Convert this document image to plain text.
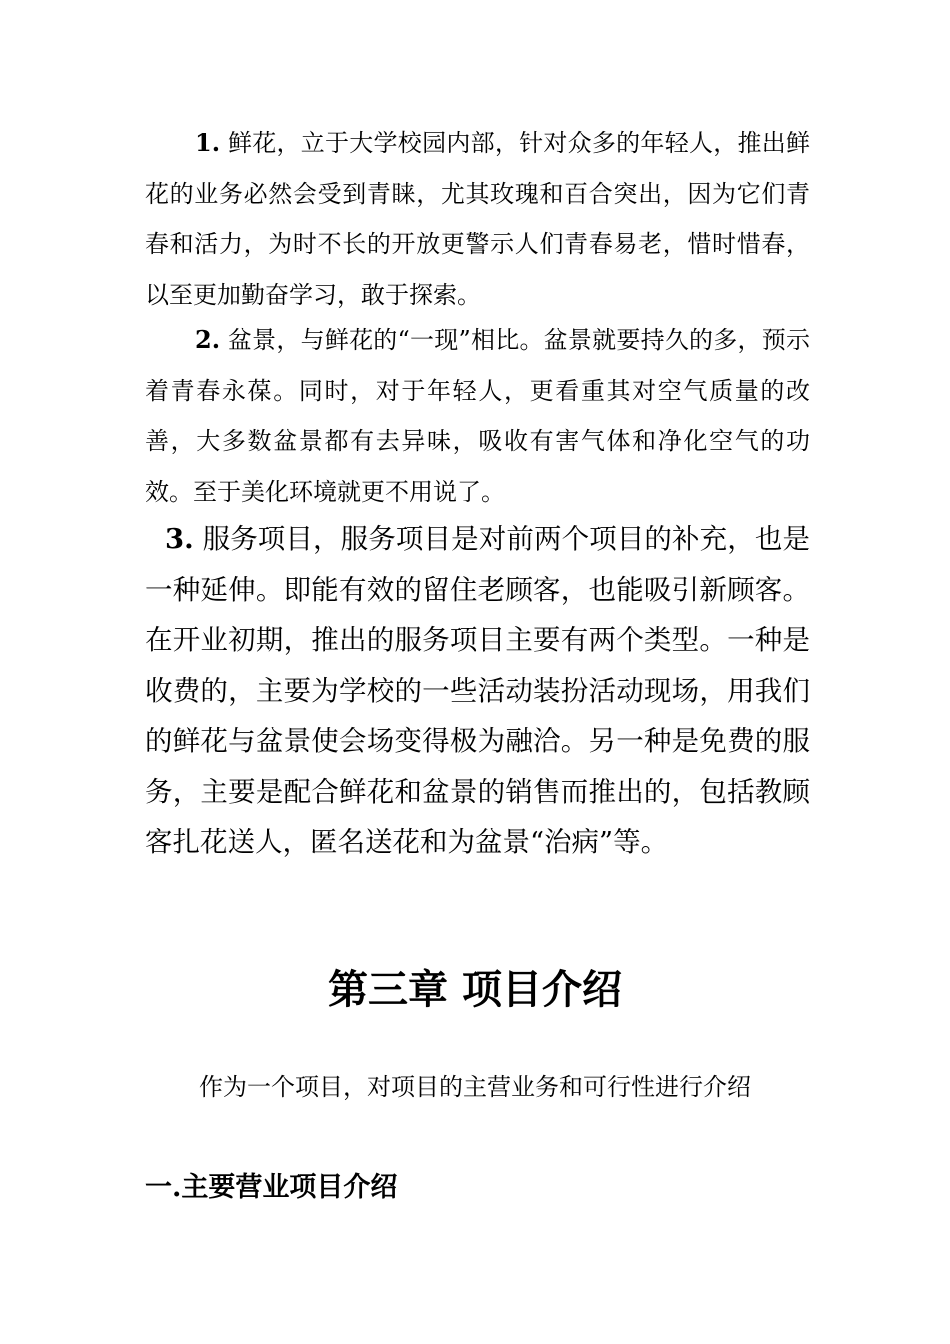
1. 鲜花，立于大学校园内部，针对众多的年轻人，推出鲜花的业务必然会受到青睐，尤其玫瑰和百合突出，因为它们青春和活力，为时不长的开放更警示人们青春易老，惜时惜春，以至更加勤奋学习，敢于探索。

2. 盆景，与鲜花的“一现”相比。盆景就要持久的多，预示着青春永葆。同时，对于年轻人，更看重其对空气质量的改善，大多数盆景都有去异味，吸收有害气体和净化空气的功效。至于美化环境就更不用说了。

3. 服务项目，服务项目是对前两个项目的补充，也是一种延伸。即能有效的留住老顾客，也能吸引新顾客。在开业初期，推出的服务项目主要有两个类型。一种是收费的，主要为学校的一些活动装扮活动现场，用我们的鲜花与盆景使会场变得极为融洽。另一种是免费的服务，主要是配合鲜花和盆景的销售而推出的，包括教顾客扎花送人，匿名送花和为盆景“治病”等。

第三章 项目介绍

作为一个项目，对项目的主营业务和可行性进行介绍

一.主要营业项目介绍
